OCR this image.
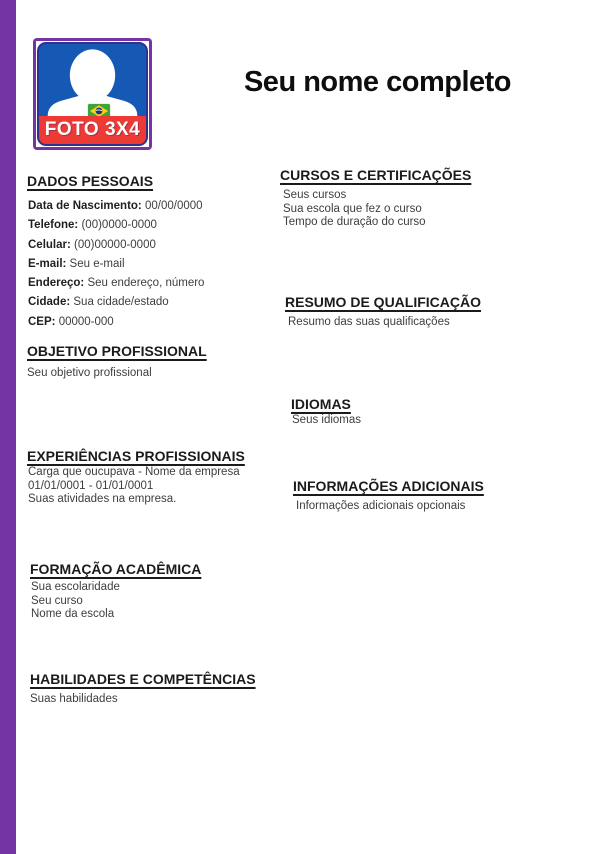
FOTO 3X4
Seu nome completo
DADOS PESSOAIS
Data de Nascimento: 00/00/0000
Telefone: (00)0000-0000
Celular: (00)00000-0000
E-mail: Seu e-mail
Endereço: Seu endereço, número
Cidade: Sua cidade/estado
CEP: 00000-000
OBJETIVO PROFISSIONAL
Seu objetivo profissional
EXPERIÊNCIAS PROFISSIONAIS
Carga que oucupava - Nome da empresa
01/01/0001 - 01/01/0001
Suas atividades na empresa.
FORMAÇÃO ACADÊMICA
Sua escolaridade
Seu curso
Nome da escola
HABILIDADES E COMPETÊNCIAS
Suas habilidades
CURSOS E CERTIFICAÇÕES
Seus cursos
Sua escola que fez o curso
Tempo de duração do curso
RESUMO DE QUALIFICAÇÃO
Resumo das suas qualificações
IDIOMAS
Seus idiomas
INFORMAÇÕES ADICIONAIS
Informações adicionais opcionais
